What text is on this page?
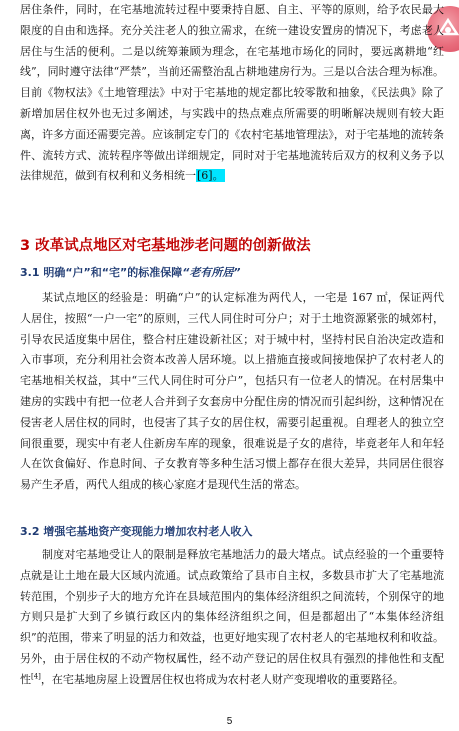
居住条件，同时，在宅基地流转过程中要秉持自愿、自主、平等的原则，给予农民最大限度的自由和选择。充分关注老人的独立需求，在统一建设安置房的情况下，考虑老人居住与生活的便利。二是以统筹兼顾为理念，在宅基地市场化的同时，要远离耕地“红线”，同时遵守法律“严禁”，当前还需整治乱占耕地建房行为。三是以合法合理为标准。目前《物权法》《土地管理法》中对于宅基地的规定都比较零散和抽象，《民法典》除了新增加居住权外也无过多阐述，与实践中的热点难点所需要的明晰解决规则有较大距离，许多方面还需要完善。应该制定专门的《农村宅基地管理法》，对于宅基地的流转条件、流转方式、流转程序等做出详细规定，同时对于宅基地流转后双方的权利义务予以法律规范，做到有权利和义务相统一[6]。

3 改革试点地区对宅基地涉老问题的创新做法
3.1 明确“户”和“宅”的标准保障“老有所居”

某试点地区的经验是：明确“户”的认定标准为两代人，一宅是 167 ㎡，保证两代人居住，按照“一户一宅”的原则，三代人同住时可分户；对于土地资源紧张的城郊村，引导农民适度集中居住，整合村庄建设新社区；对于城中村，坚持村民自治决定改造和入市事项，充分利用社会资本改善人居环境。以上措施直接或间接地保护了农村老人的宅基地相关权益，其中“三代人同住时可分户”，包括只有一位老人的情况。在村居集中建房的实践中有把一位老人合并到子女套房中分配住房的情况而引起纠纷，这种情况在侵害老人居住权的同时，也侵害了其子女的居住权，需要引起重视。自理老人的独立空间很重要，现实中有老人住新房车库的现象，很难说是子女的虐待，毕竟老年人和年轻人在饮食偏好、作息时间、子女教育等多种生活习惯上都存在很大差异，共同居住很容易产生矛盾，两代人组成的核心家庭才是现代生活的常态。

3.2 增强宅基地资产变现能力增加农村老人收入

制度对宅基地受让人的限制是释放宅基地活力的最大堵点。试点经验的一个重要特点就是让土地在最大区域内流通。试点政策给了县市自主权，多数县市扩大了宅基地流转范围，个别步子大的地方允许在县域范围内的集体经济组织之间流转，个别保守的地方则只是扩大到了乡镇行政区内的集体经济组织之间，但是都超出了“本集体经济组织”的范围，带来了明显的活力和效益，也更好地实现了农村老人的宅基地权利和收益。另外，由于居住权的不动产物权属性，经不动产登记的居住权具有强烈的排他性和支配性[4]，在宅基地房屋上设置居住权也将成为农村老人财产变现增收的重要路径。

5
